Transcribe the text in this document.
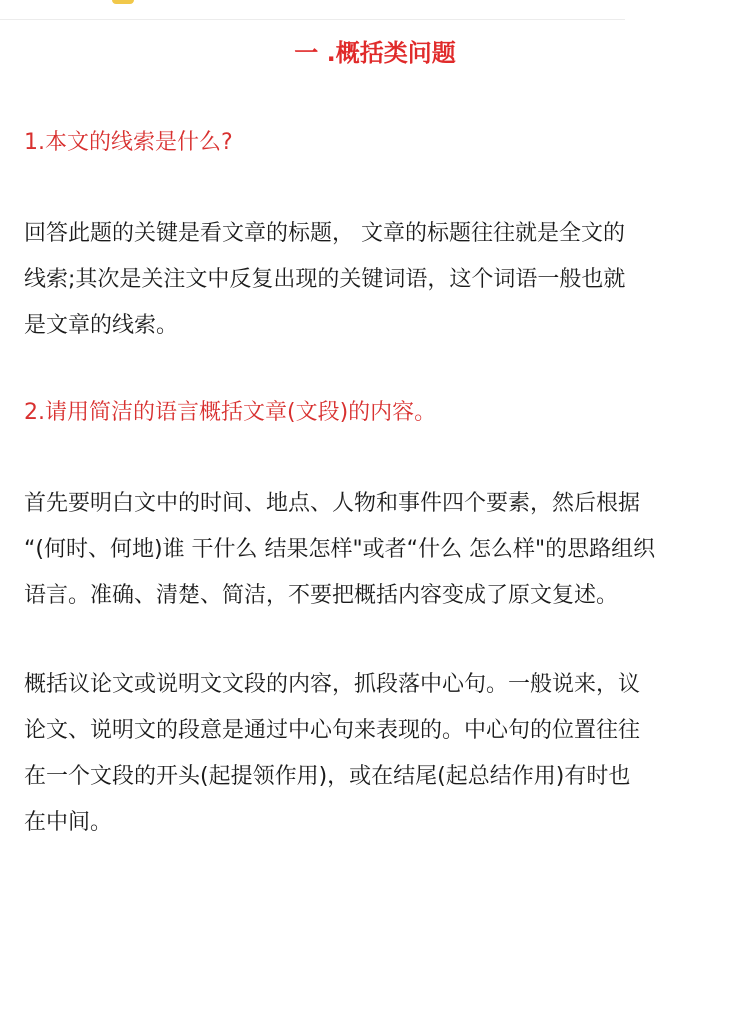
一 .概括类问题
1.本文的线索是什么?

回答此题的关键是看文章的标题， 文章的标题往往就是全文的
线索;其次是关注文中反复出现的关键词语，这个词语一般也就
是文章的线索。

2.请用简洁的语言概括文章(文段)的内容。

首先要明白文中的时间、地点、人物和事件四个要素，然后根据
“(何时、何地)谁 干什么 结果怎样"或者“什么 怎么样"的思路组织
语言。准确、清楚、简洁，不要把概括内容变成了原文复述。

概括议论文或说明文文段的内容，抓段落中心句。一般说来，议
论文、说明文的段意是通过中心句来表现的。中心句的位置往往
在一个文段的开头(起提领作用)，或在结尾(起总结作用)有时也
在中间。
